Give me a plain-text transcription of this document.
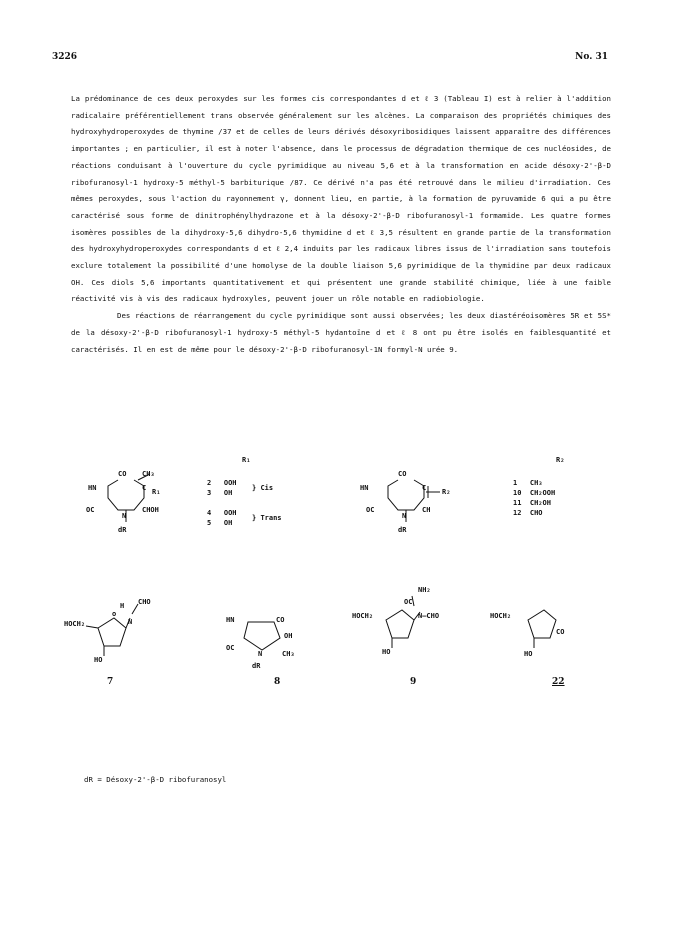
3226	No. 31

La prédominance de ces deux peroxydes sur les formes cis correspondantes d et ℓ 3 (Tableau I) est à relier à l'addition radicalaire préférentiellement trans observée généralement sur les alcènes. La comparaison des propriétés chimiques des hydroxyhydroperoxydes de thymine /37 et de celles de leurs dérivés désoxyribosidiques laissent apparaître des différences importantes ; en particulier, il est à noter l'absence, dans le processus de dégradation thermique de ces nucléosides, de réactions conduisant à l'ouverture du cycle pyrimidique au niveau 5,6 et à la transformation en acide désoxy-2'-β-D ribofuranosyl-1 hydroxy-5 méthyl-5 barbiturique /87. Ce dérivé n'a pas été retrouvé dans le milieu d'irradiation. Ces mêmes peroxydes, sous l'action du rayonnement γ, donnent lieu, en partie, à la formation de pyruvamide 6 qui a pu être caractérisé sous forme de dinitrophénylhydrazone et à la désoxy-2'-β-D ribofuranosyl-1 formamide. Les quatre formes isomères possibles de la dihydroxy-5,6 dihydro-5,6 thymidine d et ℓ 3,5 résultent en grande partie de la transformation des hydroxyhydroperoxydes correspondants d et ℓ 2,4 induits par les radicaux libres issus de l'irradiation sans toutefois exclure totalement la possibilité d'une homolyse de la double liaison 5,6 pyrimidique de la thymidine par deux radicaux OH. Ces diols 5,6 importants quantitativement et qui présentent une grande stabilité chimique, liée à une faible réactivité vis à vis des radicaux hydroxyles, peuvent jouer un rôle notable en radiobiologie.

Des réactions de réarrangement du cycle pyrimidique sont aussi observées; les deux diastéréoisomères 5R et 5S* de la désoxy-2'-β-D ribofuranosyl-1 hydroxy-5 méthyl-5 hydantoïne d et ℓ 8 ont pu être isolés en faiblesquantité et caractérisés. Il en est de même pour le désoxy-2'-β-D ribofuranosyl-1N formyl-N urée 9.

R₁	R₂
CO CH₃
HN	C R₁
OC	CHOH
N
dR
2 OOH
3 OH
4 OOH
5 OH
} Cis
} Trans
CO
HN	C R₂
OC	CH
N
dR
1 CH₃
10 CH₂OOH
11 CH₂OH
12 CHO
HOCH₂
o
H CHO
N
HO
7
HN	CO
OH
OC
N	CH₃
dR
8
NH₂
OC
HOCH₂	N–CHO
HO
9
HOCH₂
CO
HO
22
dR = Désoxy-2'-β-D ribofuranosyl
